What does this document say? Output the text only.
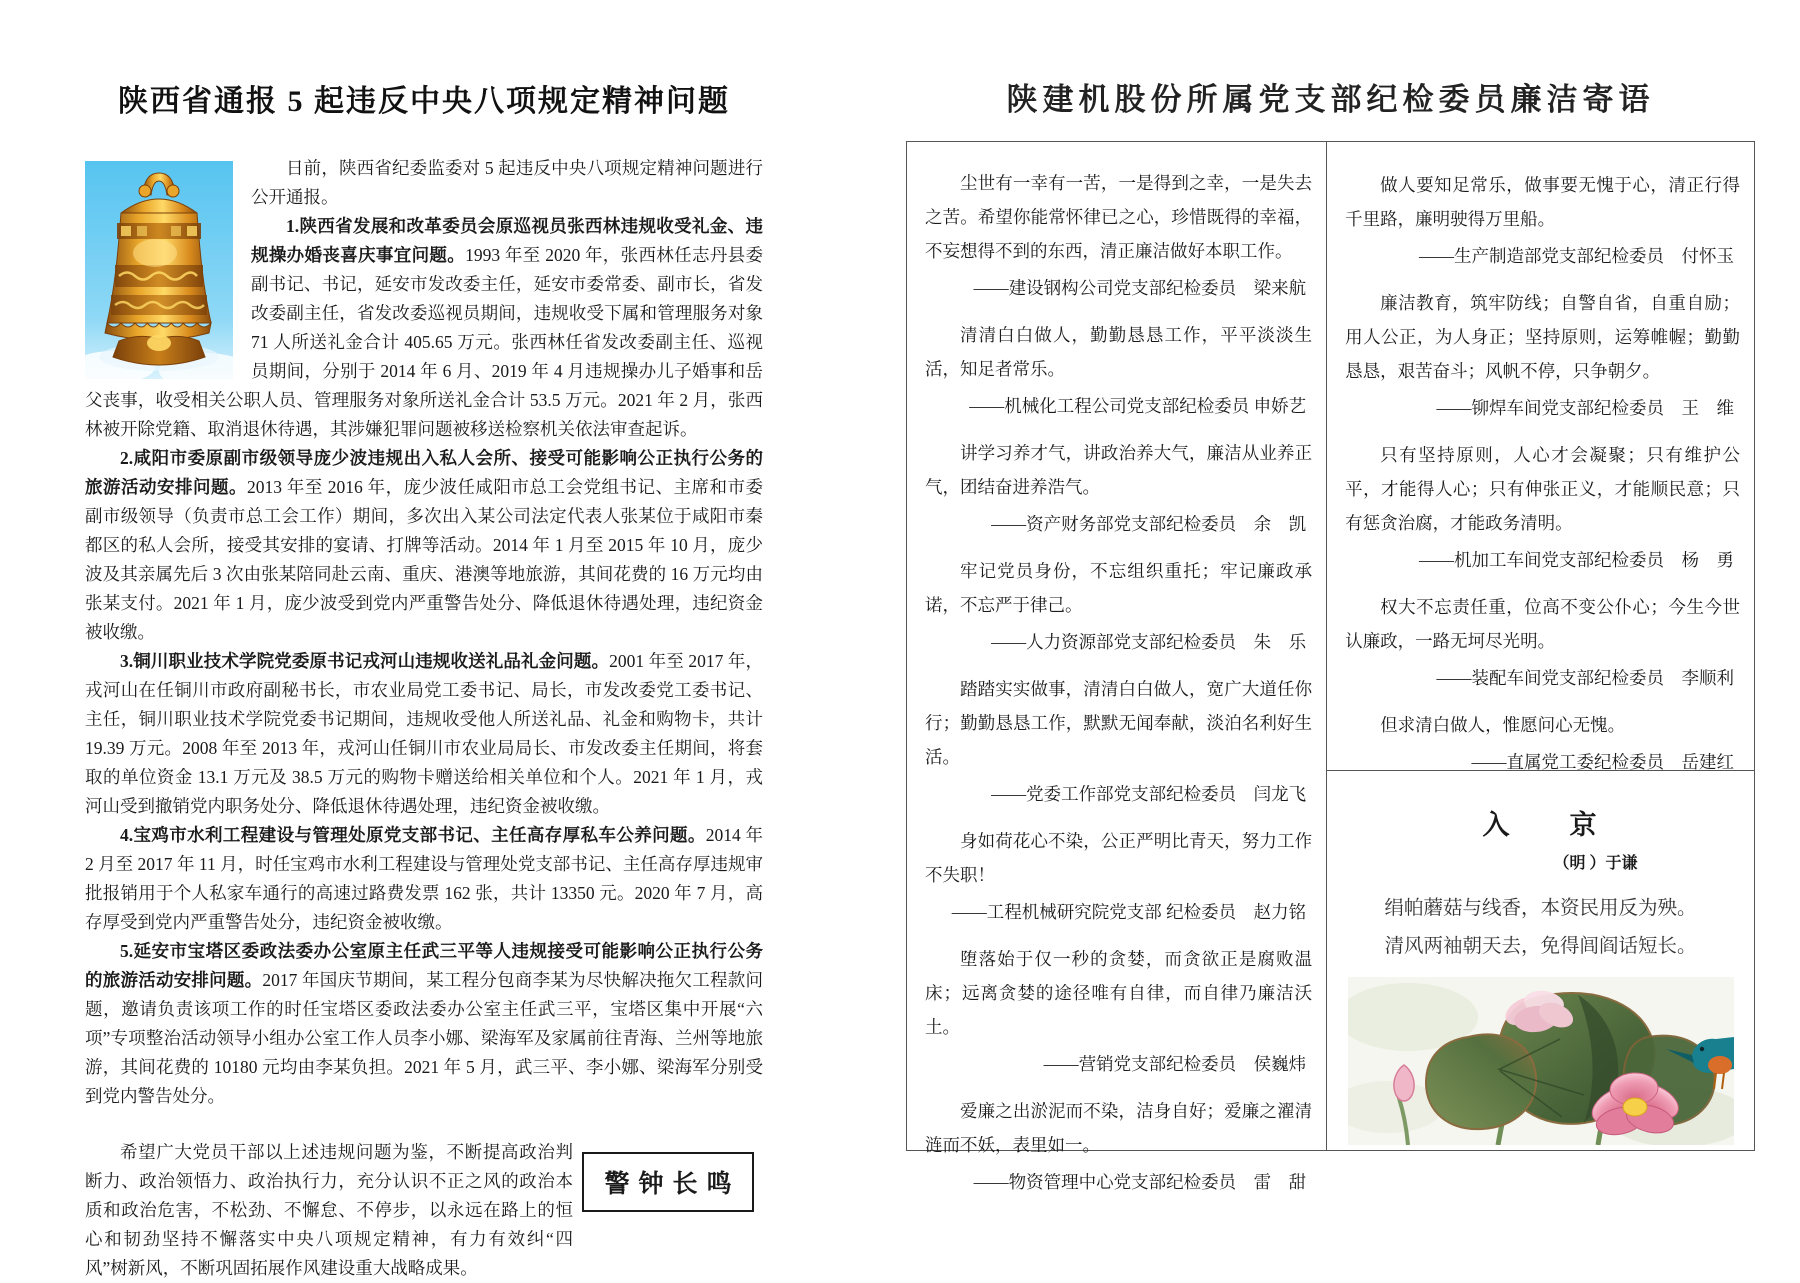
陕西省通报 5 起违反中央八项规定精神问题

日前，陕西省纪委监委对 5 起违反中央八项规定精神问题进行公开通报。

1.陕西省发展和改革委员会原巡视员张西林违规收受礼金、违规操办婚丧喜庆事宜问题。1993 年至 2020 年，张西林任志丹县委副书记、书记，延安市发改委主任，延安市委常委、副市长，省发改委副主任，省发改委巡视员期间，违规收受下属和管理服务对象 71 人所送礼金合计 405.65 万元。张西林任省发改委副主任、巡视员期间，分别于 2014 年 6 月、2019 年 4 月违规操办儿子婚事和岳父丧事，收受相关公职人员、管理服务对象所送礼金合计 53.5 万元。2021 年 2 月，张西林被开除党籍、取消退休待遇，其涉嫌犯罪问题被移送检察机关依法审查起诉。

2.咸阳市委原副市级领导庞少波违规出入私人会所、接受可能影响公正执行公务的旅游活动安排问题。2013 年至 2016 年，庞少波任咸阳市总工会党组书记、主席和市委副市级领导（负责市总工会工作）期间，多次出入某公司法定代表人张某位于咸阳市秦都区的私人会所，接受其安排的宴请、打牌等活动。2014 年 1 月至 2015 年 10 月，庞少波及其亲属先后 3 次由张某陪同赴云南、重庆、港澳等地旅游，其间花费的 16 万元均由张某支付。2021 年 1 月，庞少波受到党内严重警告处分、降低退休待遇处理，违纪资金被收缴。

3.铜川职业技术学院党委原书记戎河山违规收送礼品礼金问题。2001 年至 2017 年，戎河山在任铜川市政府副秘书长，市农业局党工委书记、局长，市发改委党工委书记、主任，铜川职业技术学院党委书记期间，违规收受他人所送礼品、礼金和购物卡，共计 19.39 万元。2008 年至 2013 年，戎河山任铜川市农业局局长、市发改委主任期间，将套取的单位资金 13.1 万元及 38.5 万元的购物卡赠送给相关单位和个人。2021 年 1 月，戎河山受到撤销党内职务处分、降低退休待遇处理，违纪资金被收缴。

4.宝鸡市水利工程建设与管理处原党支部书记、主任高存厚私车公养问题。2014 年 2 月至 2017 年 11 月，时任宝鸡市水利工程建设与管理处党支部书记、主任高存厚违规审批报销用于个人私家车通行的高速过路费发票 162 张，共计 13350 元。2020 年 7 月，高存厚受到党内严重警告处分，违纪资金被收缴。

5.延安市宝塔区委政法委办公室原主任武三平等人违规接受可能影响公正执行公务的旅游活动安排问题。2017 年国庆节期间，某工程分包商李某为尽快解决拖欠工程款问题，邀请负责该项工作的时任宝塔区委政法委办公室主任武三平，宝塔区集中开展“六项”专项整治活动领导小组办公室工作人员李小娜、梁海军及家属前往青海、兰州等地旅游，其间花费的 10180 元均由李某负担。2021 年 5 月，武三平、李小娜、梁海军分别受到党内警告处分。

希望广大党员干部以上述违规问题为鉴，不断提高政治判断力、政治领悟力、政治执行力，充分认识不正之风的政治本质和政治危害，不松劲、不懈怠、不停步，以永远在路上的恒心和韧劲坚持不懈落实中央八项规定精神，有力有效纠“四风”树新风，不断巩固拓展作风建设重大战略成果。

警钟长鸣
陕建机股份所属党支部纪检委员廉洁寄语

尘世有一幸有一苦，一是得到之幸，一是失去之苦。希望你能常怀律已之心，珍惜既得的幸福，不妄想得不到的东西，清正廉洁做好本职工作。

——建设钢构公司党支部纪检委员　梁来航

清清白白做人，勤勤恳恳工作，平平淡淡生活，知足者常乐。

——机械化工程公司党支部纪检委员 申娇艺

讲学习养才气，讲政治养大气，廉洁从业养正气，团结奋进养浩气。

——资产财务部党支部纪检委员　余　凯

牢记党员身份，不忘组织重托；牢记廉政承诺，不忘严于律己。

——人力资源部党支部纪检委员　朱　乐

踏踏实实做事，清清白白做人，宽广大道任你行；勤勤恳恳工作，默默无闻奉献，淡泊名利好生活。

——党委工作部党支部纪检委员　闫龙飞

身如荷花心不染，公正严明比青天，努力工作不失职！

——工程机械研究院党支部 纪检委员　赵力铭

堕落始于仅一秒的贪婪，而贪欲正是腐败温床；远离贪婪的途径唯有自律，而自律乃廉洁沃土。

——营销党支部纪检委员　侯巍炜

爱廉之出淤泥而不染，洁身自好；爱廉之濯清涟而不妖，表里如一。

——物资管理中心党支部纪检委员　雷　甜

做人要知足常乐，做事要无愧于心，清正行得千里路，廉明驶得万里船。

——生产制造部党支部纪检委员　付怀玉

廉洁教育，筑牢防线；自警自省，自重自励；用人公正，为人身正；坚持原则，运筹帷幄；勤勤恳恳，艰苦奋斗；风帆不停，只争朝夕。

——铆焊车间党支部纪检委员　王　维

只有坚持原则，人心才会凝聚；只有维护公平，才能得人心；只有伸张正义，才能顺民意；只有惩贪治腐，才能政务清明。

——机加工车间党支部纪检委员　杨　勇

权大不忘责任重，位高不变公仆心；今生今世认廉政，一路无坷尽光明。

——装配车间党支部纪检委员　李顺利

但求清白做人，惟愿问心无愧。

——直属党工委纪检委员　岳建红

入　　京

（明 ）于谦

绢帕蘑菇与线香，本资民用反为殃。

清风两袖朝天去，免得闾阎话短长。
